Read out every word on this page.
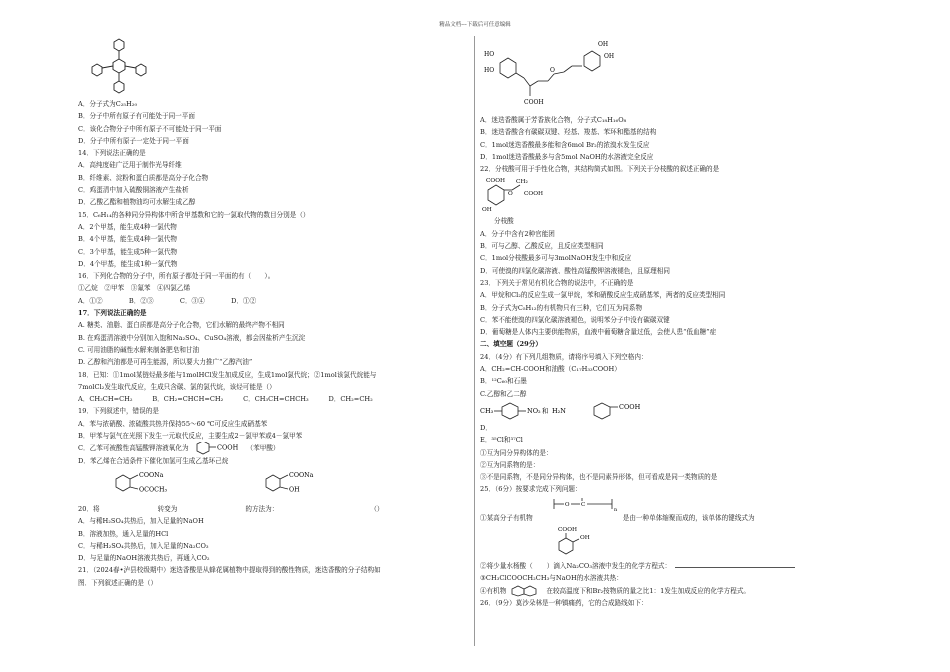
精品文档---下载后可任意编辑
A．分子式为C₂₅H₂₀
B．分子中所有原子有可能处于同一平面
C．该化合物分子中所有原子不可能处于同一平面
D．分子中所有原子一定处于同一平面
14．下列说法正确的是
A．高纯度硅广泛用于制作光导纤维
B．纤维素、淀粉和蛋白质都是高分子化合物
C．鸡蛋清中加入硫酸铜溶液产生盐析
D．乙酸乙酯和植物油均可水解生成乙醇
15．C₆H₁₄的各种同分异构体中所含甲基数和它的一氯取代物的数目分别是（）
A．2个甲基，能生成4种一氯代物
B．4个甲基，能生成4种一氯代物
C．3个甲基，能生成5种一氯代物
D．4个甲基，能生成1种一氯代物
16．下列化合物的分子中，所有原子都处于同一平面的有（　　）。
①乙烷　②甲苯　③氟苯　④四氯乙烯
A．①②　　　　B．②③　　　　C．③④　　　　D．①②
17．下列说法正确的是
A. 糖类、油脂、蛋白质都是高分子化合物，它们水解的最终产物不相同
B. 在鸡蛋清溶液中分别加入饱和Na₂SO₄、CuSO₄溶液，都会因盐析产生沉淀
C. 可用油脂的碱性水解来制备肥皂和甘油
D. 乙醇和汽油都是可再生能源，所以要大力推广“乙醇汽油”
18．已知：①1mol某链烃最多能与1molHCl发生加成反应，生成1mol氯代烷；②1mol该氯代烷能与
7molCl₂发生取代反应，生成只含碳、氯的氯代烷，该烃可能是（）
A．CH₃CH=CH₂　　　B．CH₂=CHCH=CH₂　　　C．CH₃CH=CHCH₃　　　D．CH₂=CH₂
19．下列叙述中，错误的是
A．苯与浓硝酸、浓硫酸共热并保持55～60 ℃可反应生成硝基苯
B．甲苯与氯气在光照下发生一元取代反应，主要生成2－氯甲苯或4－氯甲苯
C．乙苯可被酸性高锰酸钾溶液氧化为	COOH （苯甲酸）
D．苯乙烯在合适条件下催化加氢可生成乙基环己烷
COONa
OCOCH₃
COONa
OH
20．将	转变为	的方法为：	（）
A．与稀H₂SO₄共热后，加入足量的NaOH
B．溶液加热，通入足量的HCl
C．与稀H₂SO₄共热后，加入足量的Na₂CO₃
D．与足量的NaOH溶液共热后，再通入CO₂
21．（2024春•泸县校级期中）迷迭香酸是从蜂花属植物中提取得到的酸性物质，迷迭香酸的分子结构如
图．下列叙述正确的是（）
HO
HO
OH
OH
COOH
O
A．迷迭香酸属于芳香族化合物，分子式C₁₈H₁₆O₈
B．迷迭香酸含有碳碳双键、羟基、羧基、苯环和酯基的结构
C．1mol迷迭香酸最多能和含6mol Br₂的浓溴水发生反应
D．1mol迷迭香酸最多与含5mol NaOH的水溶液完全反应
22．分枝酸可用于手性化合物，其结构简式如图。下列关于分枝酸的叙述正确的是
COOH CH₂
O COOH
OH
分枝酸
A．分子中含有2种官能团
B．可与乙醇、乙酸反应，且反应类型相同
C．1mol分枝酸最多可与3molNaOH发生中和反应
D．可使溴的四氯化碳溶液、酸性高锰酸钾溶液褪色，且原理相同
23．下列关于常见有机化合物的说法中，不正确的是
A．甲烷和Cl₂的反应生成一氯甲烷，苯和硝酸反应生成硝基苯，两者的反应类型相同
B．分子式为C₅H₁₂的有机物只有三种，它们互为同系物
C．苯不能使溴的四氯化碳溶液褪色，说明苯分子中没有碳碳双键
D．葡萄糖是人体内主要供能物质，血液中葡萄糖含量过低，会使人患“低血糖”症
二、填空题（29分）
24．（4分）有下列几组物质，请将序号填入下列空格内：
A．CH₂=CH-COOH和油酸（C₁₇H₃₃COOH）
B．¹²C₆₀和石墨
C.乙醇和乙二醇
CH₃	NO₂ 和 H₂N	COOH
D．
E．³⁵Cl和³⁷Cl
①互为同分异构体的是：
②互为同系物的是：
③不是同系物，不是同分异构体，也不是同素异形体，但可看成是同一类物质的是
25．（6分）按要求完成下列问题：
O C
n
①某高分子有机物	是由一种单体缩聚而成的，该单体的键线式为
COOH
OH
②将少量水杨酸（ ）滴入Na₂CO₃溶液中发生的化学方程式：
③CH₃ClCOOCH₂CH₃与NaOH的水溶液共热：
④有机物	在较高温度下和Br₂按物质的量之比1：1发生加成反应的化学方程式。
26．（9分）莫沙朵林是一种镇痛药，它的合成路线如下：
